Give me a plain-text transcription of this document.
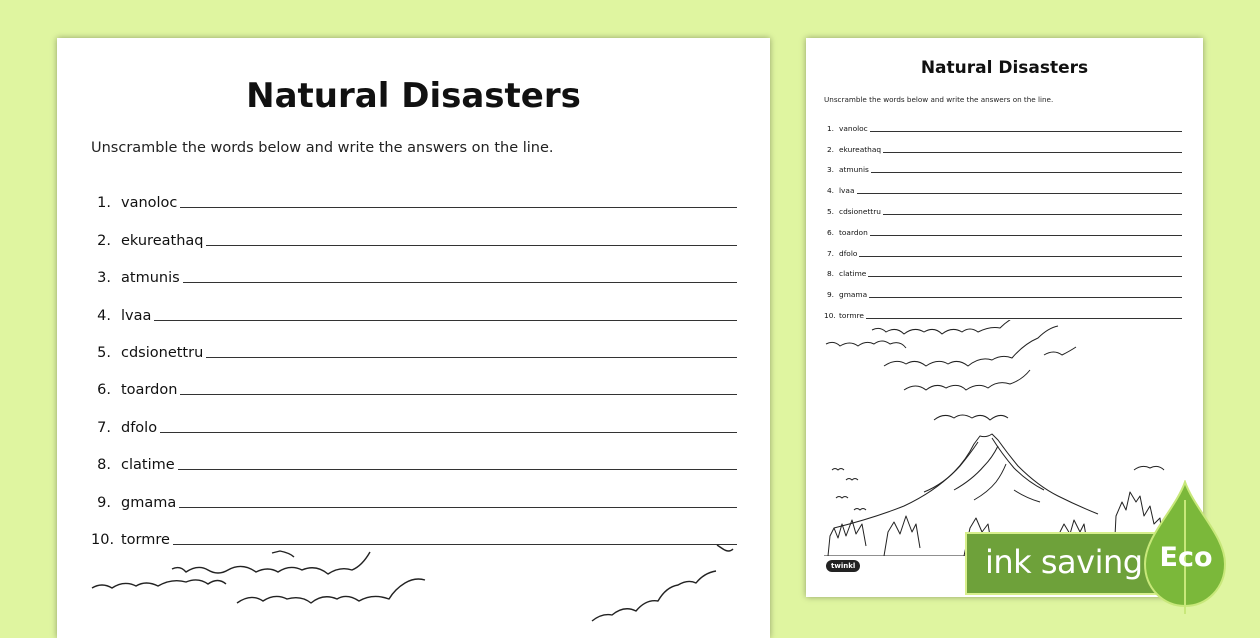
Natural Disasters
Unscramble the words below and write the answers on the line.
1. vanoloc
2. ekureathaq
3. atmunis
4. lvaa
5. cdsionettru
6. toardon
7. dfolo
8. clatime
9. gmama
10. tormre
Natural Disasters
Unscramble the words below and write the answers on the line.
1. vanoloc
2. ekureathaq
3. atmunis
4. lvaa
5. cdsionettru
6. toardon
7. dfolo
8. clatime
9. gmama
10. tormre
twinkl	ink saving Eco
